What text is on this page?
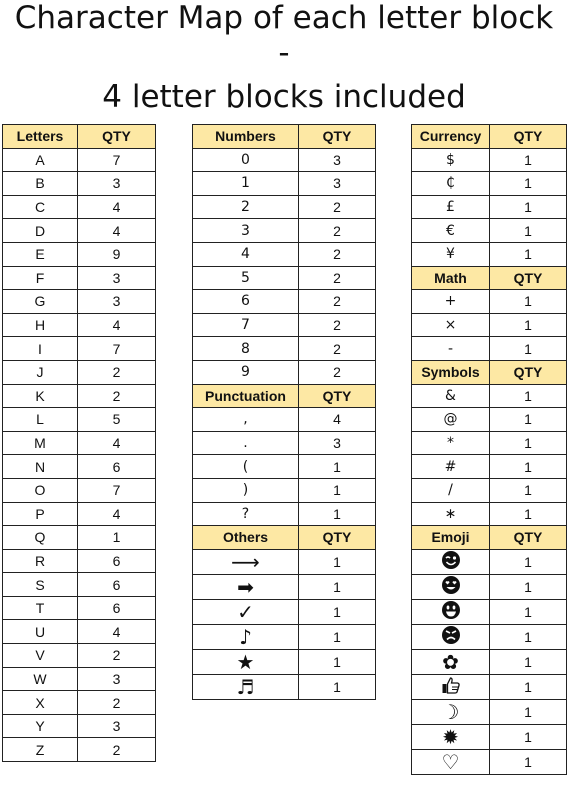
Character Map of each letter block
-
4 letter blocks included
Letters	QTY
A	7
B	3
C	4
D	4
E	9
F	3
G	3
H	4
I	7
J	2
K	2
L	5
M	4
N	6
O	7
P	4
Q	1
R	6
S	6
T	6
U	4
V	2
W	3
X	2
Y	3
Z	2
Numbers	QTY
0	3
1	3
2	2
3	2
4	2
5	2
6	2
7	2
8	2
9	2
Punctuation	QTY
,	4
.	3
(	1
)	1
?	1
Others	QTY
⟶	1
➡	1
✓	1
♪	1
★	1
♬	1
Currency	QTY
$	1
₵	1
£	1
€	1
¥	1
Math	QTY
+	1
×	1
-	1
Symbols	QTY
&	1
@	1
*	1
#	1
/	1
∗	1
Emoji	QTY
	1
	1
	1
	1
✿	1
	1
☽	1
✹	1
♡	1
